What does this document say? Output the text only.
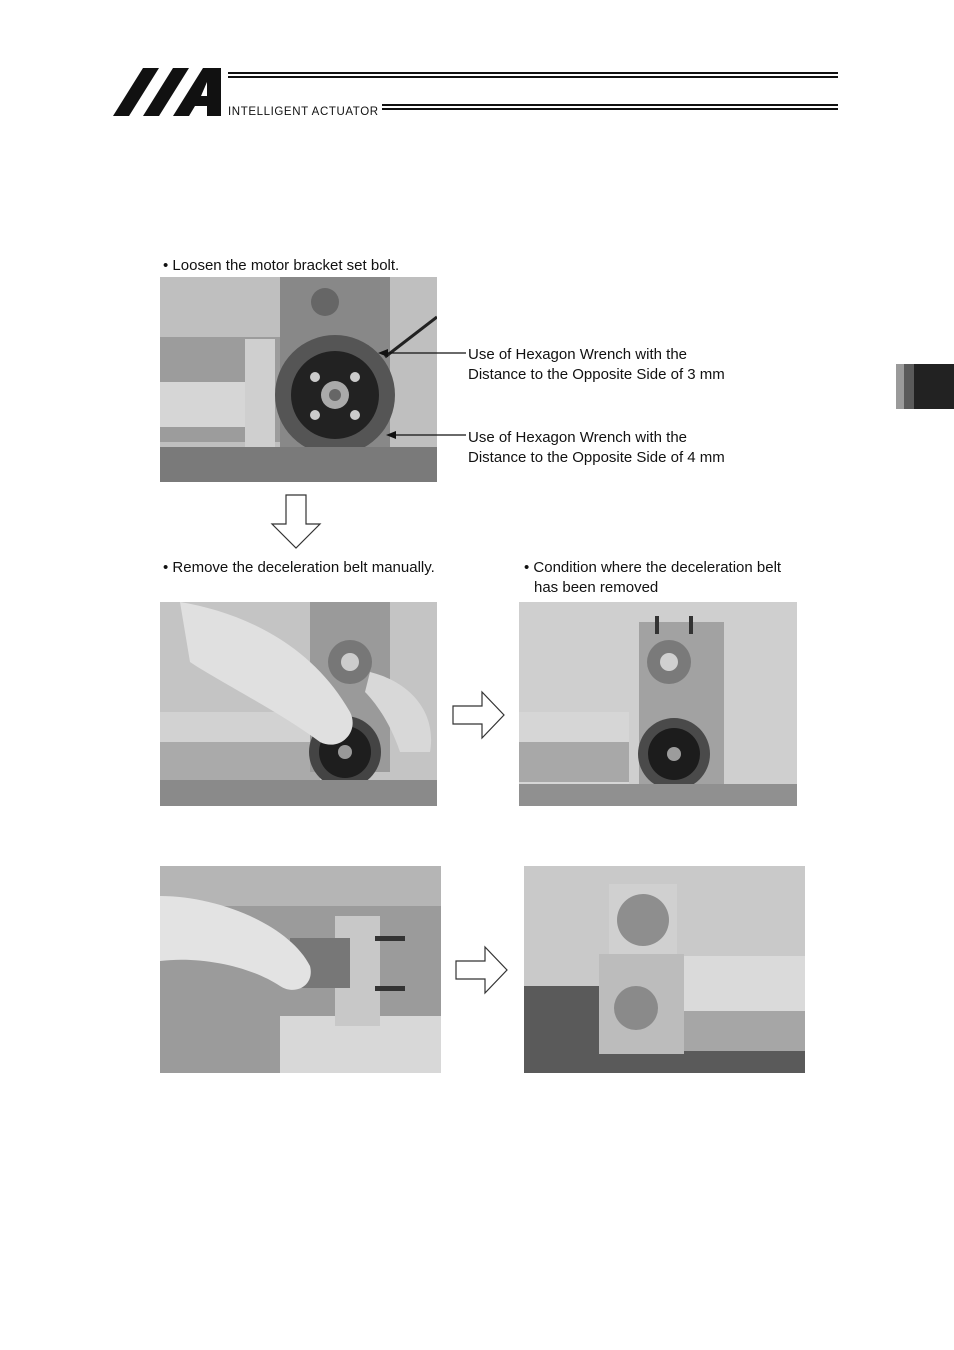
INTELLIGENT ACTUATOR
• Loosen the motor bracket set bolt.
Use of Hexagon Wrench with the
Distance to the Opposite Side of 3 mm
Use of Hexagon Wrench with the
Distance to the Opposite Side of 4 mm
• Remove the deceleration belt manually.	• Condition where the deceleration belt
has been removed
